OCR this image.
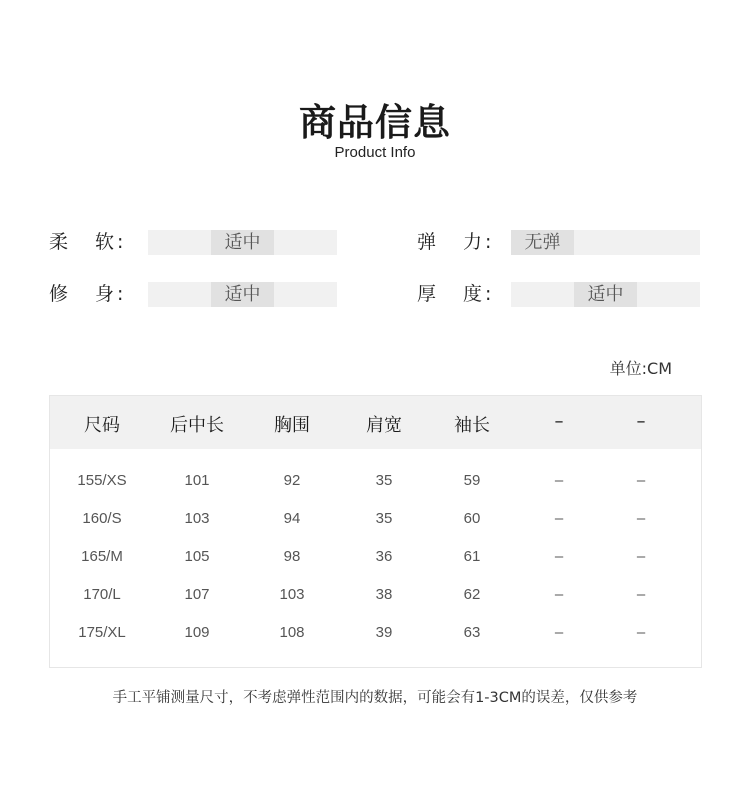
商品信息
Product Info
柔 软 :	适中	弹 力 :	无弹
修 身 :	适中	厚 度 :	适中
单位:CM
尺码	后中长	胸围	肩宽	袖长	–	–
155/XS	101	92	35	59	–	–
160/S	103	94	35	60	–	–
165/M	105	98	36	61	–	–
170/L	107	103	38	62	–	–
175/XL	109	108	39	63	–	–
手工平铺测量尺寸，不考虑弹性范围内的数据，可能会有1-3CM的误差，仅供参考
